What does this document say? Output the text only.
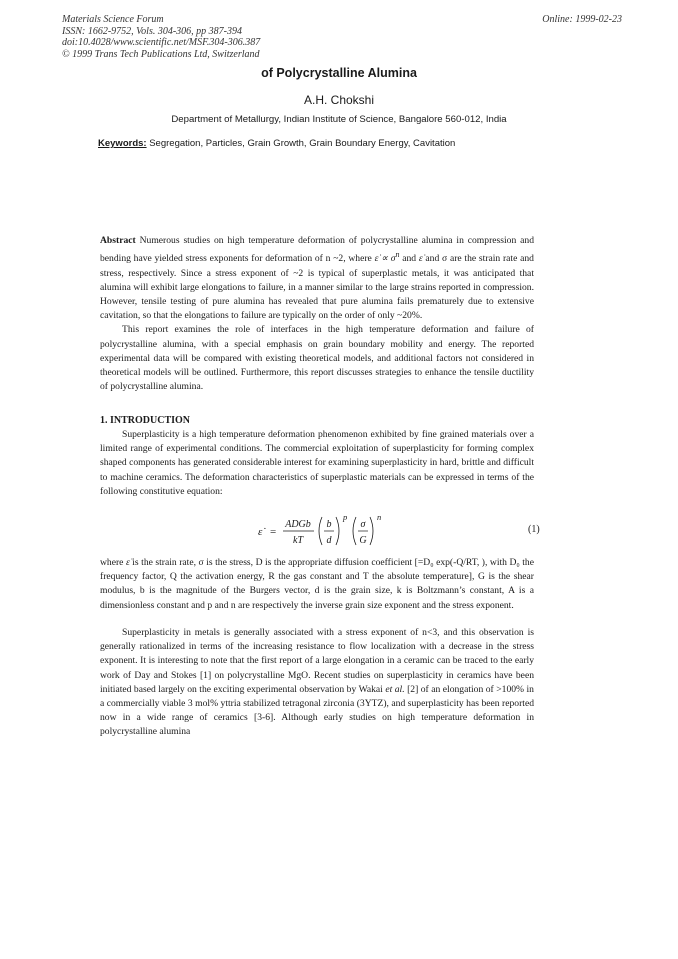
Materials Science Forum
ISSN: 1662-9752, Vols. 304-306, pp 387-394
doi:10.4028/www.scientific.net/MSF.304-306.387
© 1999 Trans Tech Publications Ltd, Switzerland
Online: 1999-02-23
of Polycrystalline Alumina
A.H. Chokshi
Department of Metallurgy, Indian Institute of Science, Bangalore 560-012, India
Keywords: Segregation, Particles, Grain Growth, Grain Boundary Energy, Cavitation

Abstract Numerous studies on high temperature deformation of polycrystalline alumina in compression and bending have yielded stress exponents for deformation of n ~2, where ε̇ ∝ $\sigma^n$ and ε̇ and σ are the strain rate and stress, respectively. Since a stress exponent of ~2 is typical of superplastic metals, it was anticipated that alumina will exhibit large elongations to failure, in a manner similar to the large strains reported in compression. However, tensile testing of pure alumina has revealed that pure alumina fails prematurely due to extensive cavitation, so that the elongations to failure are typically on the order of only ~20%.

This report examines the role of interfaces in the high temperature deformation and failure of polycrystalline alumina, with a special emphasis on grain boundary mobility and energy. The reported experimental data will be compared with existing theoretical models, and additional factors not considered in theoretical models will be outlined. Furthermore, this report discusses strategies to enhance the tensile ductility of polycrystalline alumina.

1. INTRODUCTION

Superplasticity is a high temperature deformation phenomenon exhibited by fine grained materials over a limited range of experimental conditions. The commercial exploitation of superplasticity for forming complex shaped components has generated considerable interest for examining superplasticity in hard, brittle and difficult to machine ceramics. The deformation characteristics of superplastic materials can be expressed in terms of the following constitutive equation:

ε̇ =
ADGb
kT
b
d
p
σ
G
n
(1)

where ε̇ is the strain rate, σ is the stress, D is the appropriate diffusion coefficient [=D₀ exp(-Q/RT, ), with D₀ the frequency factor, Q the activation energy, R the gas constant and T the absolute temperature], G is the shear modulus, b is the magnitude of the Burgers vector, d is the grain size, k is Boltzmann’s constant, A is a dimensionless constant and p and n are respectively the inverse grain size exponent and the stress exponent.

Superplasticity in metals is generally associated with a stress exponent of n<3, and this observation is generally rationalized in terms of the increasing resistance to flow localization with a decrease in the stress exponent. It is interesting to note that the first report of a large elongation in a ceramic can be traced to the early work of Day and Stokes [1] on polycrystalline MgO. Recent studies on superplasticity in ceramics have been initiated based largely on the exciting experimental observation by Wakai et al. [2] of an elongation of >100% in a commercially viable 3 mol% yttria stabilized tetragonal zirconia (3YTZ), and superplasticity has been reported now in a wide range of ceramics [3-6]. Although early studies on high temperature deformation in polycrystalline alumina
